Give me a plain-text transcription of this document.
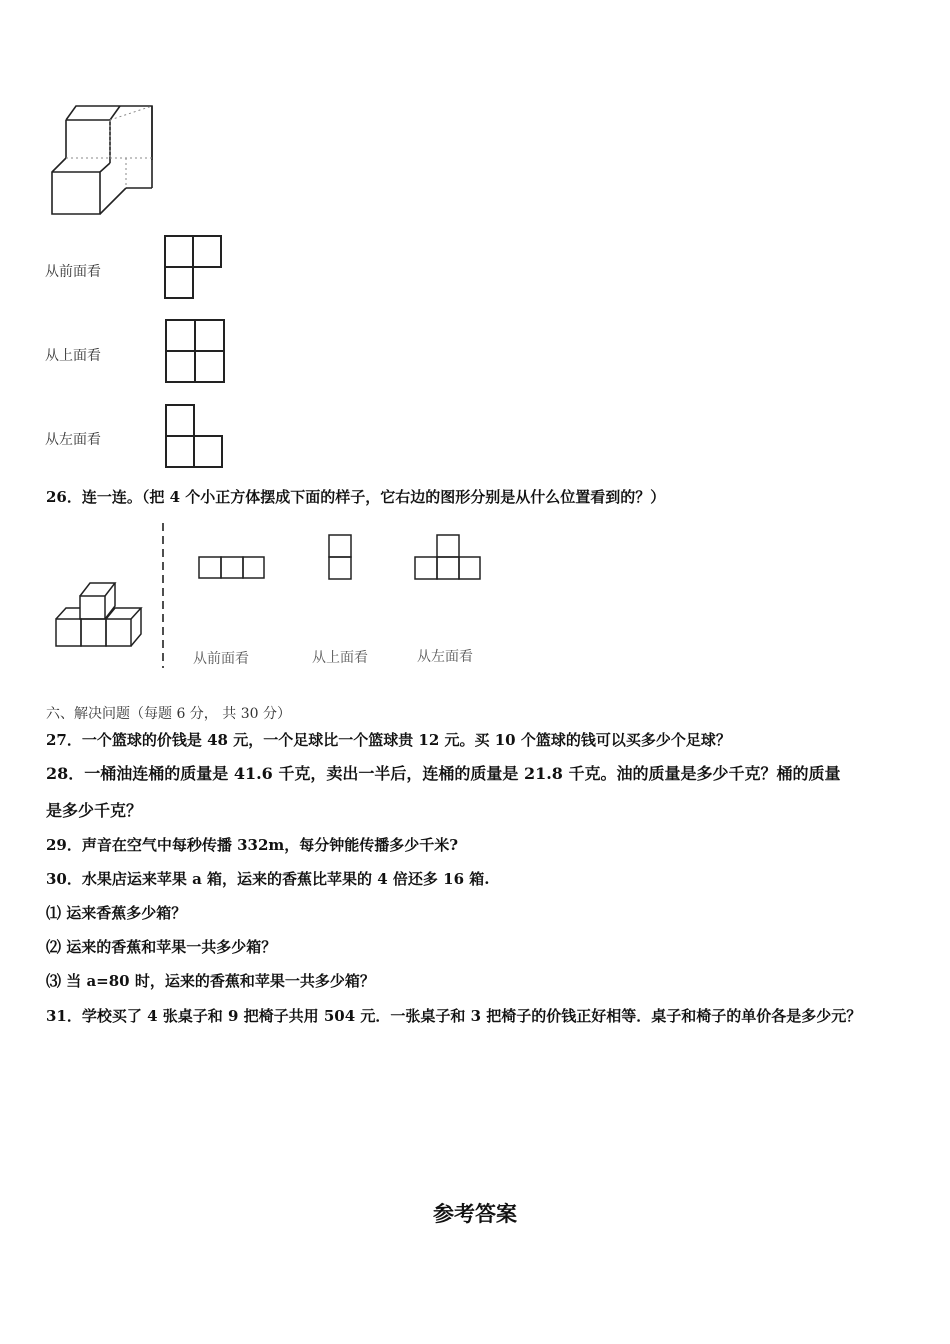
从前面看
从上面看
从左面看
26．连一连。（把 4 个小正方体摆成下面的样子，它右边的图形分别是从什么位置看到的？）
从前面看	从上面看	从左面看
六、解决问题（每题 6 分， 共 30 分）
27．一个篮球的价钱是 48 元，一个足球比一个篮球贵 12 元。买 10 个篮球的钱可以买多少个足球？
28．一桶油连桶的质量是 41.6 千克，卖出一半后，连桶的质量是 21.8 千克。油的质量是多少千克？桶的质量
是多少千克？
29．声音在空气中每秒传播 332m，每分钟能传播多少千米?
30．水果店运来苹果 a 箱，运来的香蕉比苹果的 4 倍还多 16 箱.
⑴ 运来香蕉多少箱？
⑵ 运来的香蕉和苹果一共多少箱？
⑶ 当 a=80 时，运来的香蕉和苹果一共多少箱？
31．学校买了 4 张桌子和 9 把椅子共用 504 元．一张桌子和 3 把椅子的价钱正好相等．桌子和椅子的单价各是多少元？
参考答案
